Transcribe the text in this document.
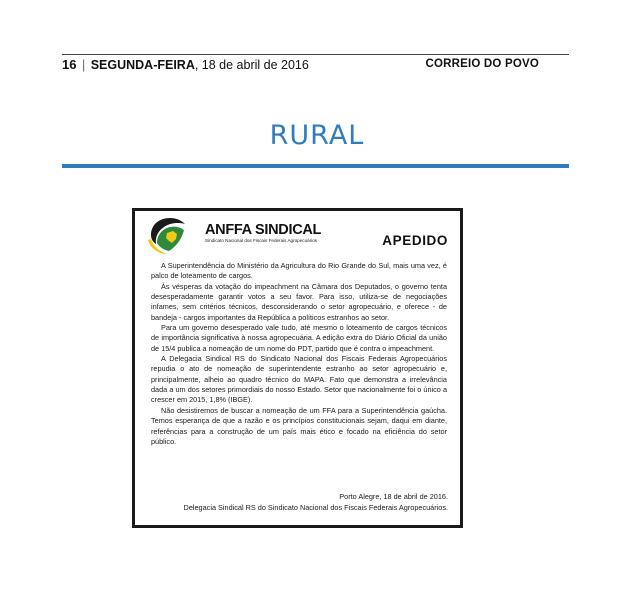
16 | SEGUNDA-FEIRA, 18 de abril de 2016	CORREIO DO POVO
RURAL
ANFFA SINDICAL
Sindicato Nacional dos Fiscais Federais Agropecuários	APEDIDO

A Superintendência do Ministério da Agricultura do Rio Grande do Sul, mais uma vez, é palco de loteamento de cargos.

Às vésperas da votação do impeachment na Câmara dos Deputados, o governo tenta desesperadamente garantir votos a seu favor. Para isso, utiliza-se de negociações infames, sem critérios técnicos, desconsiderando o setor agropecuário, e oferece - de bandeja - cargos importantes da República a políticos estranhos ao setor.

Para um governo desesperado vale tudo, até mesmo o loteamento de cargos técnicos de importância significativa à nossa agropecuária. A edição extra do Diário Oficial da união de 15/4 publica a nomeação de um nome do PDT, partido que é contra o impeachment.

A Delegacia Sindical RS do Sindicato Nacional dos Fiscais Federais Agropecuários repudia o ato de nomeação de superintendente estranho ao setor agropecuário e, principalmente, alheio ao quadro técnico do MAPA. Fato que demonstra a irrelevância dada a um dos setores primordiais do nosso Estado. Setor que nacionalmente foi o único a crescer em 2015, 1,8% (IBGE).

Não desistiremos de buscar a nomeação de um FFA para a Superintendência gaúcha. Temos esperança de que a razão e os princípios constitucionais sejam, daqui em diante, referências para a construção de um país mais ético e focado na eficiência do setor público.

Porto Alegre, 18 de abril de 2016.
Delegacia Sindical RS do Sindicato Nacional dos Fiscais Federais Agropecuários.
